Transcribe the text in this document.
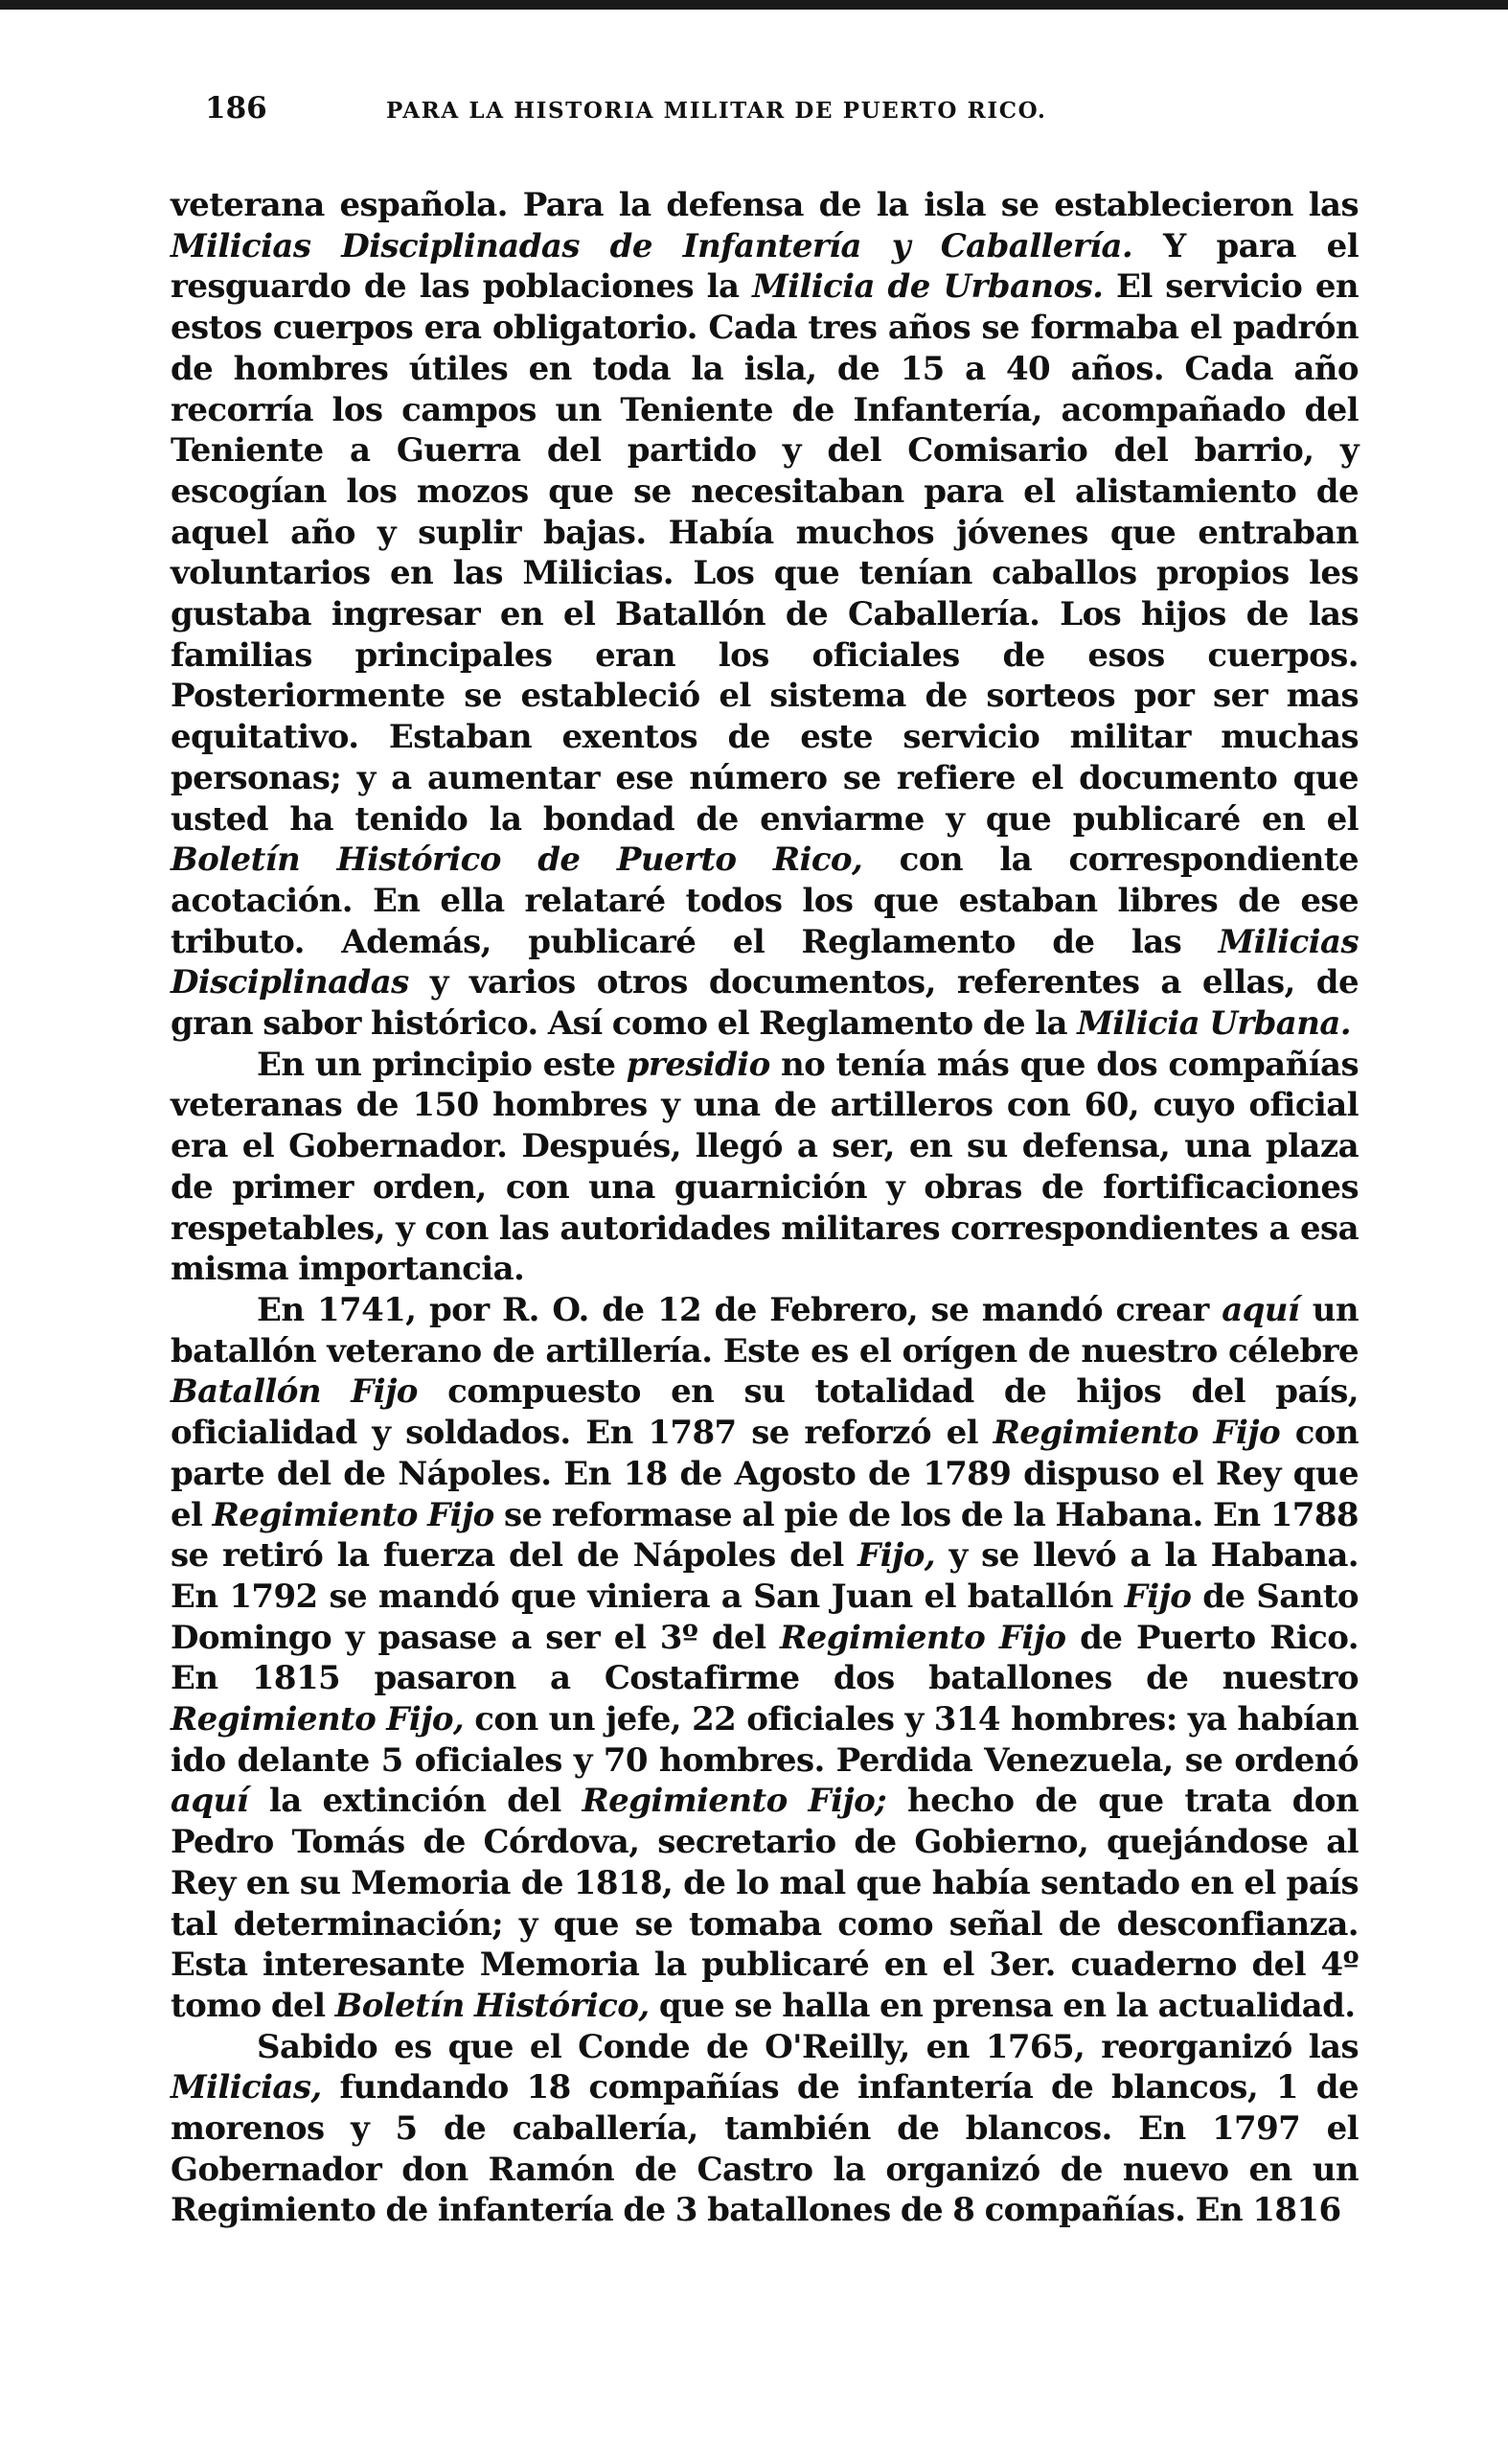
186	PARA LA HISTORIA MILITAR DE PUERTO RICO.

veterana española. Para la defensa de la isla se establecieron las Milicias Disciplinadas de Infantería y Caballería. Y para el resguardo de las poblaciones la Milicia de Urbanos. El servicio en estos cuerpos era obligatorio. Cada tres años se formaba el padrón de hombres útiles en toda la isla, de 15 a 40 años. Cada año recorría los campos un Teniente de Infantería, acompañado del Teniente a Guerra del partido y del Comisario del barrio, y escogían los mozos que se necesitaban para el alistamiento de aquel año y suplir bajas. Había muchos jóvenes que entraban voluntarios en las Milicias. Los que tenían caballos propios les gustaba ingresar en el Batallón de Caballería. Los hijos de las familias principales eran los oficiales de esos cuerpos. Posteriormente se estableció el sistema de sorteos por ser mas equitativo. Estaban exentos de este servicio militar muchas personas; y a aumentar ese número se refiere el documento que usted ha tenido la bondad de enviarme y que publicaré en el Boletín Histórico de Puerto Rico, con la correspondiente acotación. En ella relataré todos los que estaban libres de ese tributo. Además, publicaré el Reglamento de las Milicias Disciplinadas y varios otros documentos, referentes a ellas, de gran sabor histórico. Así como el Reglamento de la Milicia Urbana.

En un principio este presidio no tenía más que dos compañías veteranas de 150 hombres y una de artilleros con 60, cuyo oficial era el Gobernador. Después, llegó a ser, en su defensa, una plaza de primer orden, con una guarnición y obras de fortificaciones respetables, y con las autoridades militares correspondientes a esa misma importancia.

En 1741, por R. O. de 12 de Febrero, se mandó crear aquí un batallón veterano de artillería. Este es el orígen de nuestro célebre Batallón Fijo compuesto en su totalidad de hijos del país, oficialidad y soldados. En 1787 se reforzó el Regimiento Fijo con parte del de Nápoles. En 18 de Agosto de 1789 dispuso el Rey que el Regimiento Fijo se reformase al pie de los de la Habana. En 1788 se retiró la fuerza del de Nápoles del Fijo, y se llevó a la Habana. En 1792 se mandó que viniera a San Juan el batallón Fijo de Santo Domingo y pasase a ser el 3º del Regimiento Fijo de Puerto Rico. En 1815 pasaron a Costafirme dos batallones de nuestro Regimiento Fijo, con un jefe, 22 oficiales y 314 hombres: ya habían ido delante 5 oficiales y 70 hombres. Perdida Venezuela, se ordenó aquí la extinción del Regimiento Fijo; hecho de que trata don Pedro Tomás de Córdova, secretario de Gobierno, quejándose al Rey en su Memoria de 1818, de lo mal que había sentado en el país tal determinación; y que se tomaba como señal de desconfianza. Esta interesante Memoria la publicaré en el 3er. cuaderno del 4º tomo del Boletín Histórico, que se halla en prensa en la actualidad.

Sabido es que el Conde de O'Reilly, en 1765, reorganizó las Milicias, fundando 18 compañías de infantería de blancos, 1 de morenos y 5 de caballería, también de blancos. En 1797 el Gobernador don Ramón de Castro la organizó de nuevo en un Regimiento de infantería de 3 batallones de 8 compañías. En 1816
